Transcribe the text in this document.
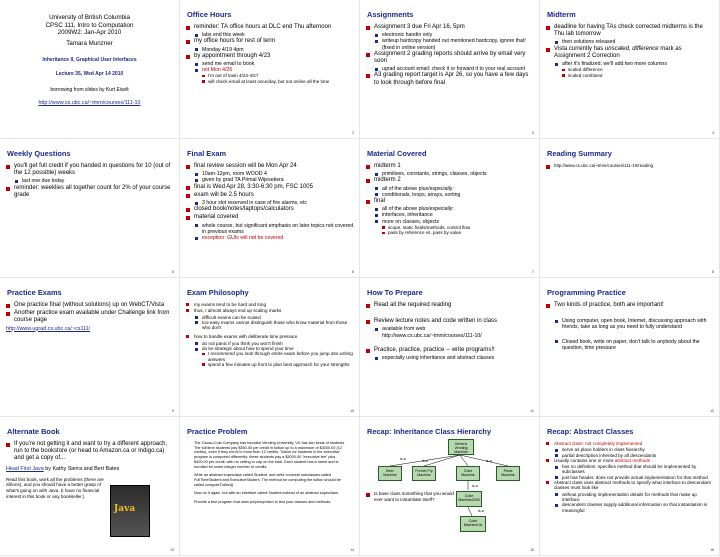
University of British Columbia
CPSC 111, Intro to Computation
2009W2: Jan-Apr 2010
Tamara Munzner
Inheritance II, Graphical User Interfaces
Lecture 35, Wed Apr 14 2010
borrowing from slides by Kurt Eiselt
http://www.cs.ubc.ca/~tmm/courses/111-10
Office Hours
reminder: TA office hours at DLC end Thu afternoon
labs end this week
my office hours for rest of term
Monday 4/19 4pm
by appointment through 4/23
send me email to book
not Mon 4/26
I'm out of town 4/24-4/27
will check email at least once/day, but not online all the time
2
Assignments
Assignment 3 due Fri Apr 16, 5pm
electronic handin only
writeup hardcopy handed out mentioned hardcopy, ignore that! (fixed in online version)
Assignment 2 grading reports should arrive by email very soon
ugrad account email: check it or forward it to your real account
A3 grading report target is Apr 26, so you have a few days to look through before final
3
Midterm
deadline for having TAs check corrected midterms is the Thu lab tomorrow
then solutions released
Vista currently has unscaled, difference mark as Assignment 2 Correction
after it's finalized, we'll add two more columns
scaled difference
scaled combined
4
Weekly Questions
you'll get full credit if you handed in questions for 10 (out of the 12 possible) weeks
last one due today
reminder: weeklies all together count for 2% of your course grade
5
Final Exam
final review session will be Mon Apr 24
10am-12pm, room WOOD 4
given by grad TA Primal Wijesekera
final is Wed Apr 28, 3:30-6:30 pm, FSC 1005
exam will be 2.5 hours
3 hour slot reserved in case of fire alarms, etc
closed book/notes/laptops/calculators
material covered
whole course, but significant emphasis on later topics not covered in previous exams
exception: GUIs will not be covered
6
Material Covered
midterm 1
primitives, constants, strings, classes, objects
midterm 2
all of the above plus/especially:
conditionals, loops, arrays, sorting
final
all of the above plus/especially:
interfaces, inheritance
more on classes, objects
scope, static fields/methods, control flow
pass by reference vs. pass by value
7
Reading Summary
http://www.cs.ubc.ca/~tmm/courses/111-10/reading
8
Practice Exams
One practice final (without solutions) up on WebCT/Vista
Another practice exam available under Challenge link from course page
http://www.ugrad.cs.ubc.ca/~cs111/
9
Exam Philosophy
my exams tend to be hard and long
thus, I almost always end up scaling marks
difficult exams can be scaled
too-easy exams cannot distinguish those who know material from those who don't
how to handle exams with deliberate time pressure
do not panic if you think you won't finish
do be strategic about how to spend your time
I recommend you look through entire exam before you jump into writing answers
spend a few minutes up front to plan best approach for your strengths
10
How To Prepare
Read all the required reading
Review lecture notes and code written in class
available from web
http://www.cs.ubc.ca/~tmm/courses/111-10/
Practice, practice, practice -- write programs!!
especially using inheritance and abstract classes
11
Programming Practice
Two kinds of practice, both are important!
Using computer, open book, Internet, discussing approach with friends, take as long as you need to fully understand
Closed book, write on paper, don't talk to anybody about the question, time pressure
12
Alternate Book
If you're not getting it and want to try a different approach, run to the bookstore (or head to Amazon.ca or Indigo.ca) and get a copy of...
Head First Java by Kathy Sierra and Bert Bates
Read this book, work all the problems (there are zillions), and you should have a better grasp of what's going on with Java. (I have no financial interest in this book or any bookseller.)
Java
13
Practice Problem
The Cacao-Cola Company has founded Vending University. VU has two kinds of students. The full time students pay $350.00 per credit in tuition up to a maximum of $3000.00 (12 credits), even if they enroll in more than 12 credits. Tuition for students in the executive program is computed differently: these students pay a $3000.00 "executive fee" plus $400.00 per credit, with no ceiling or cap on the total. Each student has a name and is enrolled for some integer number of credits.
Write an abstract superclass called Student, and write concrete subclasses called FullTimeStudent and ExecutiveStudent. The method for computing the tuition should be called computeTuition().
Now do it again, but with an interface called Student instead of an abstract superclass.
Provide a test program that uses polymorphism to test your classes and methods.
14
Recap: Inheritance Class Hierarchy
Generic Vending Machine
Beer Machine
French Fry Machine
Coke Machine
Pizza Machine
Coke Machine2000
Coke MachineUA
is-a	is-a	is-a
is-a
is-a
Is base class something that you would ever want to instantiate itself?
15
Recap: Abstract Classes
Abstract class: not completely implemented
serve as place holders in class hierarchy
partial description inherited by all descendants
Usually contains one or more abstract methods
has no definition: specifies method that should be implemented by subclasses
just has header, does not provide actual implementation for that method
Abstract class uses abstract methods to specify what interface to descendant classes must look like
without providing implementation details for methods that make up interface
descendent classes supply additional information so that instantiation is meaningful
16
